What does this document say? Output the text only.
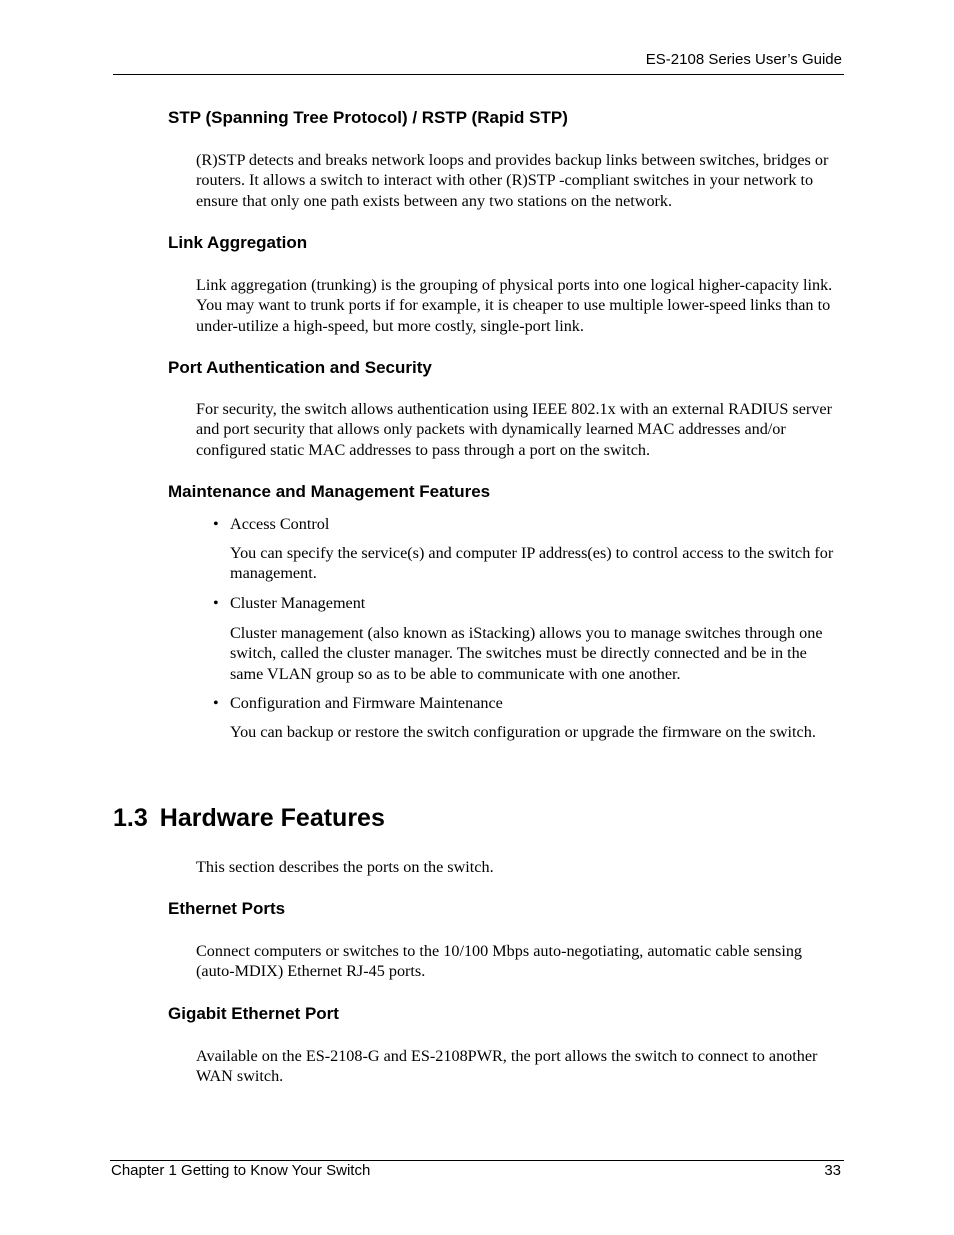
ES-2108 Series User’s Guide

STP (Spanning Tree Protocol) / RSTP (Rapid STP)

(R)STP detects and breaks network loops and provides backup links between switches, bridges or routers. It allows a switch to interact with other (R)STP -compliant switches in your network to ensure that only one path exists between any two stations on the network.

Link Aggregation

Link aggregation (trunking) is the grouping of physical ports into one logical higher-capacity link. You may want to trunk ports if for example, it is cheaper to use multiple lower-speed links than to under-utilize a high-speed, but more costly, single-port link.

Port Authentication and Security

For security, the switch allows authentication using IEEE 802.1x with an external RADIUS server and port security that allows only packets with dynamically learned MAC addresses and/or configured static MAC addresses to pass through a port on the switch.

Maintenance and Management Features

• Access Control

You can specify the service(s) and computer IP address(es) to control access to the switch for management.

• Cluster Management

Cluster management (also known as iStacking) allows you to manage switches through one switch, called the cluster manager. The switches must be directly connected and be in the same VLAN group so as to be able to communicate with one another.

• Configuration and Firmware Maintenance

You can backup or restore the switch configuration or upgrade the firmware on the switch.

1.3 Hardware Features

This section describes the ports on the switch.

Ethernet Ports

Connect computers or switches to the 10/100 Mbps auto-negotiating, automatic cable sensing (auto-MDIX) Ethernet RJ-45 ports.

Gigabit Ethernet Port

Available on the ES-2108-G and ES-2108PWR, the port allows the switch to connect to another WAN switch.

Chapter 1 Getting to Know Your Switch	33
